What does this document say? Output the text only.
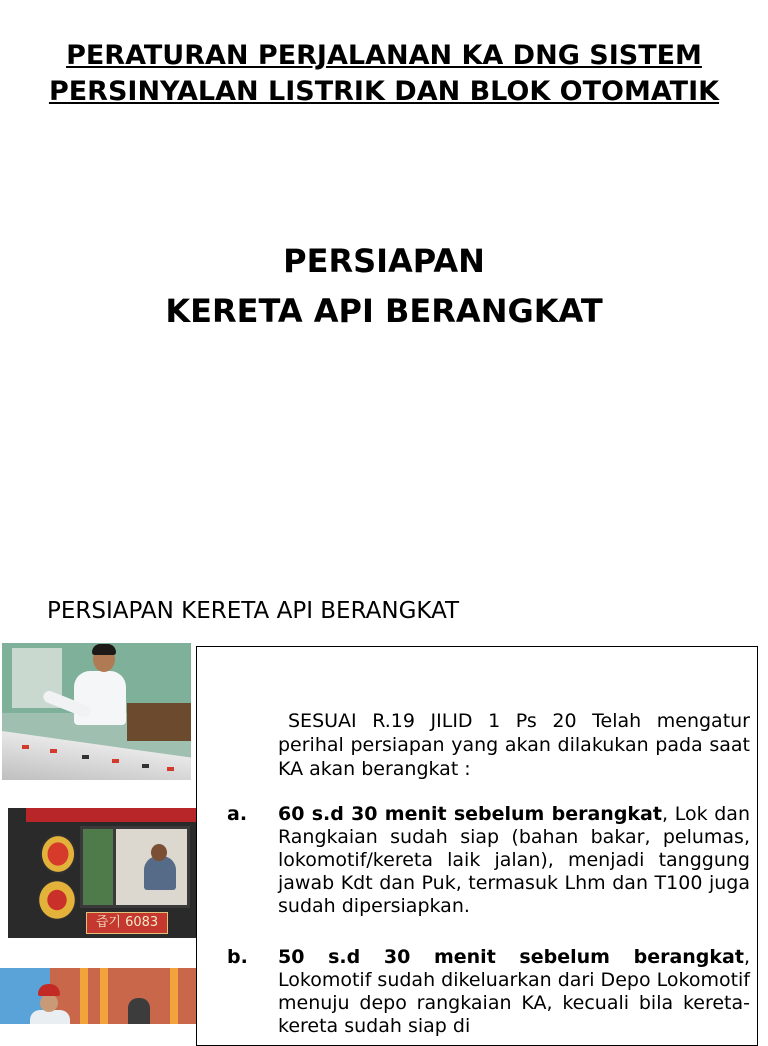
PERATURAN PERJALANAN KA DNG SISTEM PERSINYALAN LISTRIK DAN BLOK OTOMATIK
PERSIAPAN
KERETA API BERANGKAT
PERSIAPAN KERETA API BERANGKAT
즙기 6083

SESUAI R.19 JILID 1 Ps 20 Telah mengatur perihal persiapan yang akan dilakukan pada saat KA akan berangkat :

a. 60 s.d 30 menit sebelum berangkat, Lok dan Rangkaian sudah siap (bahan bakar, pelumas, lokomotif/kereta laik jalan), menjadi tanggung jawab Kdt dan Puk, termasuk Lhm dan T100 juga sudah dipersiapkan.

b. 50 s.d 30 menit sebelum berangkat, Lokomotif sudah dikeluarkan dari Depo Lokomotif menuju depo rangkaian KA, kecuali bila kereta-kereta sudah siap di
